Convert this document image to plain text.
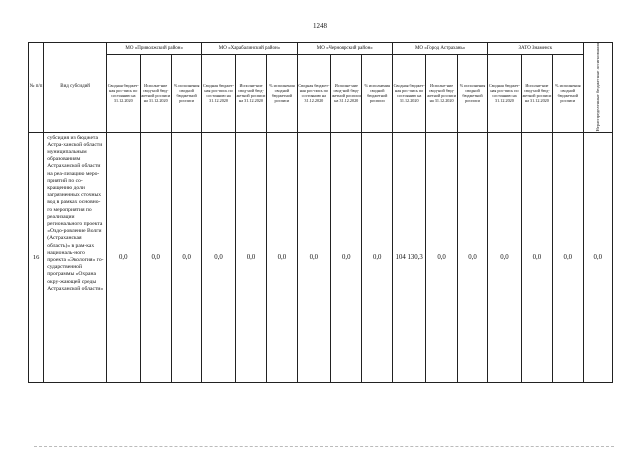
1248
№ п/п	Вид субсидий	МО «Приволжский район»			МО «Харабалинский район»			МО «Черноярский район»			МО «Город Астрахань»			ЗАТО Знаменск			Нераспределенные бюджетные ассигнования

		Сводная бюджет-ная рос-пись по состоянию на 31.12.2020	Исполне-ние свод-ной бюд-жетной росписи на 31.12.2020	% исполнения сводной бюджетной росписи	Сводная бюджет-ная рос-пись по состоянию на 31.12.2020	Исполне-ние свод-ной бюд-жетной росписи на 31.12.2020	% исполнения сводной бюджетной росписи	Сводная бюджет-ная рос-пись по состоянию на 31.12.2020	Исполне-ние свод-ной бюд-жетной росписи на 31.12.2020	% исполнения сводной бюджетной росписи	Сводная бюджет-ная рос-пись по состоянию на 31.12.2020	Исполне-ние свод-ной бюд-жетной росписи на 31.12.2020	% исполнения сводной бюджетной росписи	Сводная бюджет-ная рос-пись по состоянию на 31.12.2020	Исполне-ние свод-ной бюд-жетной росписи на 31.12.2020	% исполнения сводной бюджетной росписи	
16	субсидия из бюджета Астра-ханской области муниципальным образованиям Астраханской области на реа-лизацию меро-приятий по со-кращению доли загрязненных сточных вод в рамках основно-го мероприятия по реализации регионального проекта «Оздо-ровление Волги (Астраханская область)» в рам-ках националь-ного проекта «Экология» го-сударственной программы «Охрана окру-жающей среды Астраханской области»	0,0	0,0	0,0	0,0	0,0	0,0	0,0	0,0	0,0	104 130,3	0,0	0,0	0,0	0,0	0,0	0,0
